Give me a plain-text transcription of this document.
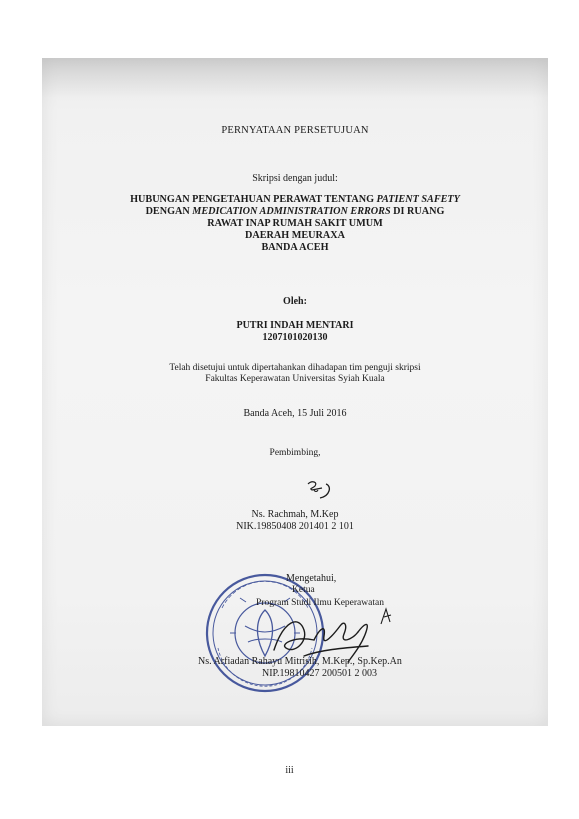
PERNYATAAN PERSETUJUAN
Skripsi dengan judul:
HUBUNGAN PENGETAHUAN PERAWAT TENTANG PATIENT SAFETY
DENGAN MEDICATION ADMINISTRATION ERRORS DI RUANG
RAWAT INAP RUMAH SAKIT UMUM
DAERAH MEURAXA
BANDA ACEH
Oleh:
PUTRI INDAH MENTARI
1207101020130
Telah disetujui untuk dipertahankan dihadapan tim penguji skripsi
Fakultas Keperawatan Universitas Syiah Kuala
Banda Aceh, 15 Juli 2016
Pembimbing,
Ns. Rachmah, M.Kep
NIK.19850408 201401 2 101
Mengetahui,
Ketua
Program Studi Ilmu Keperawatan
Ns. Arfiadan Rahayu Mitrisih, M.Kep., Sp.Kep.An
NIP.19810427 200501 2 003
iii
